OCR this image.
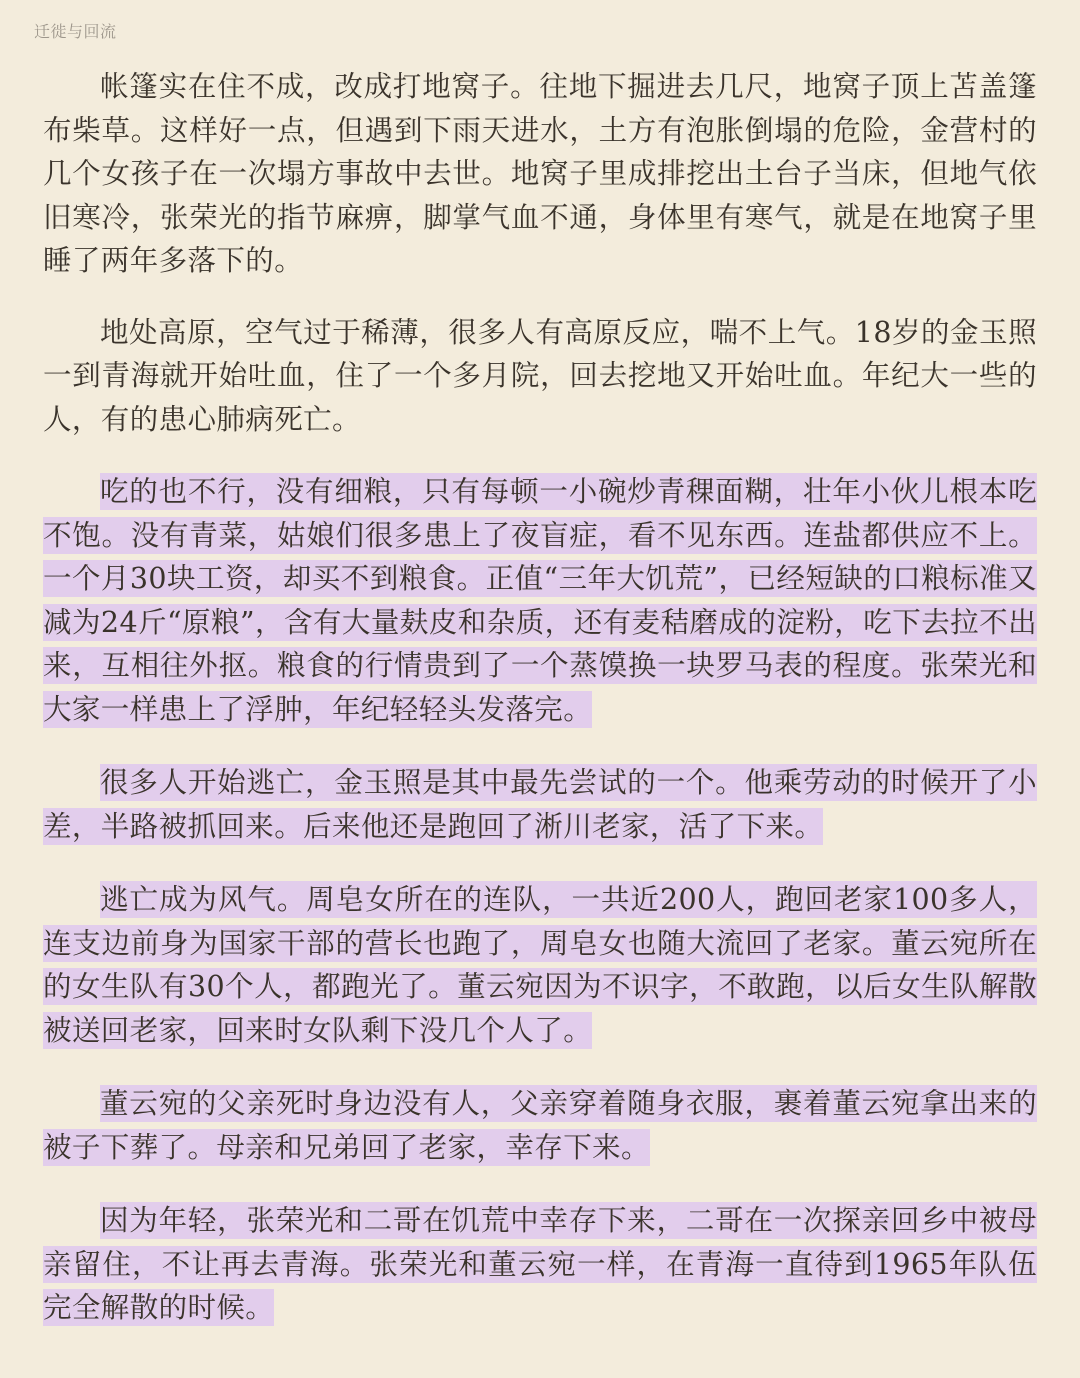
迁徙与回流

帐篷实在住不成，改成打地窝子。往地下掘进去几尺，地窝子顶上苫盖篷布柴草。这样好一点，但遇到下雨天进水，土方有泡胀倒塌的危险，金营村的几个女孩子在一次塌方事故中去世。地窝子里成排挖出土台子当床，但地气依旧寒冷，张荣光的指节麻痹，脚掌气血不通，身体里有寒气，就是在地窝子里睡了两年多落下的。

地处高原，空气过于稀薄，很多人有高原反应，喘不上气。18岁的金玉照一到青海就开始吐血，住了一个多月院，回去挖地又开始吐血。年纪大一些的人，有的患心肺病死亡。

吃的也不行，没有细粮，只有每顿一小碗炒青稞面糊，壮年小伙儿根本吃不饱。没有青菜，姑娘们很多患上了夜盲症，看不见东西。连盐都供应不上。一个月30块工资，却买不到粮食。正值“三年大饥荒”，已经短缺的口粮标准又减为24斤“原粮”，含有大量麸皮和杂质，还有麦秸磨成的淀粉，吃下去拉不出来，互相往外抠。粮食的行情贵到了一个蒸馍换一块罗马表的程度。张荣光和大家一样患上了浮肿，年纪轻轻头发落完。

很多人开始逃亡，金玉照是其中最先尝试的一个。他乘劳动的时候开了小差，半路被抓回来。后来他还是跑回了淅川老家，活了下来。

逃亡成为风气。周皂女所在的连队，一共近200人，跑回老家100多人，连支边前身为国家干部的营长也跑了，周皂女也随大流回了老家。董云宛所在的女生队有30个人，都跑光了。董云宛因为不识字，不敢跑，以后女生队解散被送回老家，回来时女队剩下没几个人了。

董云宛的父亲死时身边没有人，父亲穿着随身衣服，裹着董云宛拿出来的被子下葬了。母亲和兄弟回了老家，幸存下来。

因为年轻，张荣光和二哥在饥荒中幸存下来，二哥在一次探亲回乡中被母亲留住，不让再去青海。张荣光和董云宛一样，在青海一直待到1965年队伍完全解散的时候。
